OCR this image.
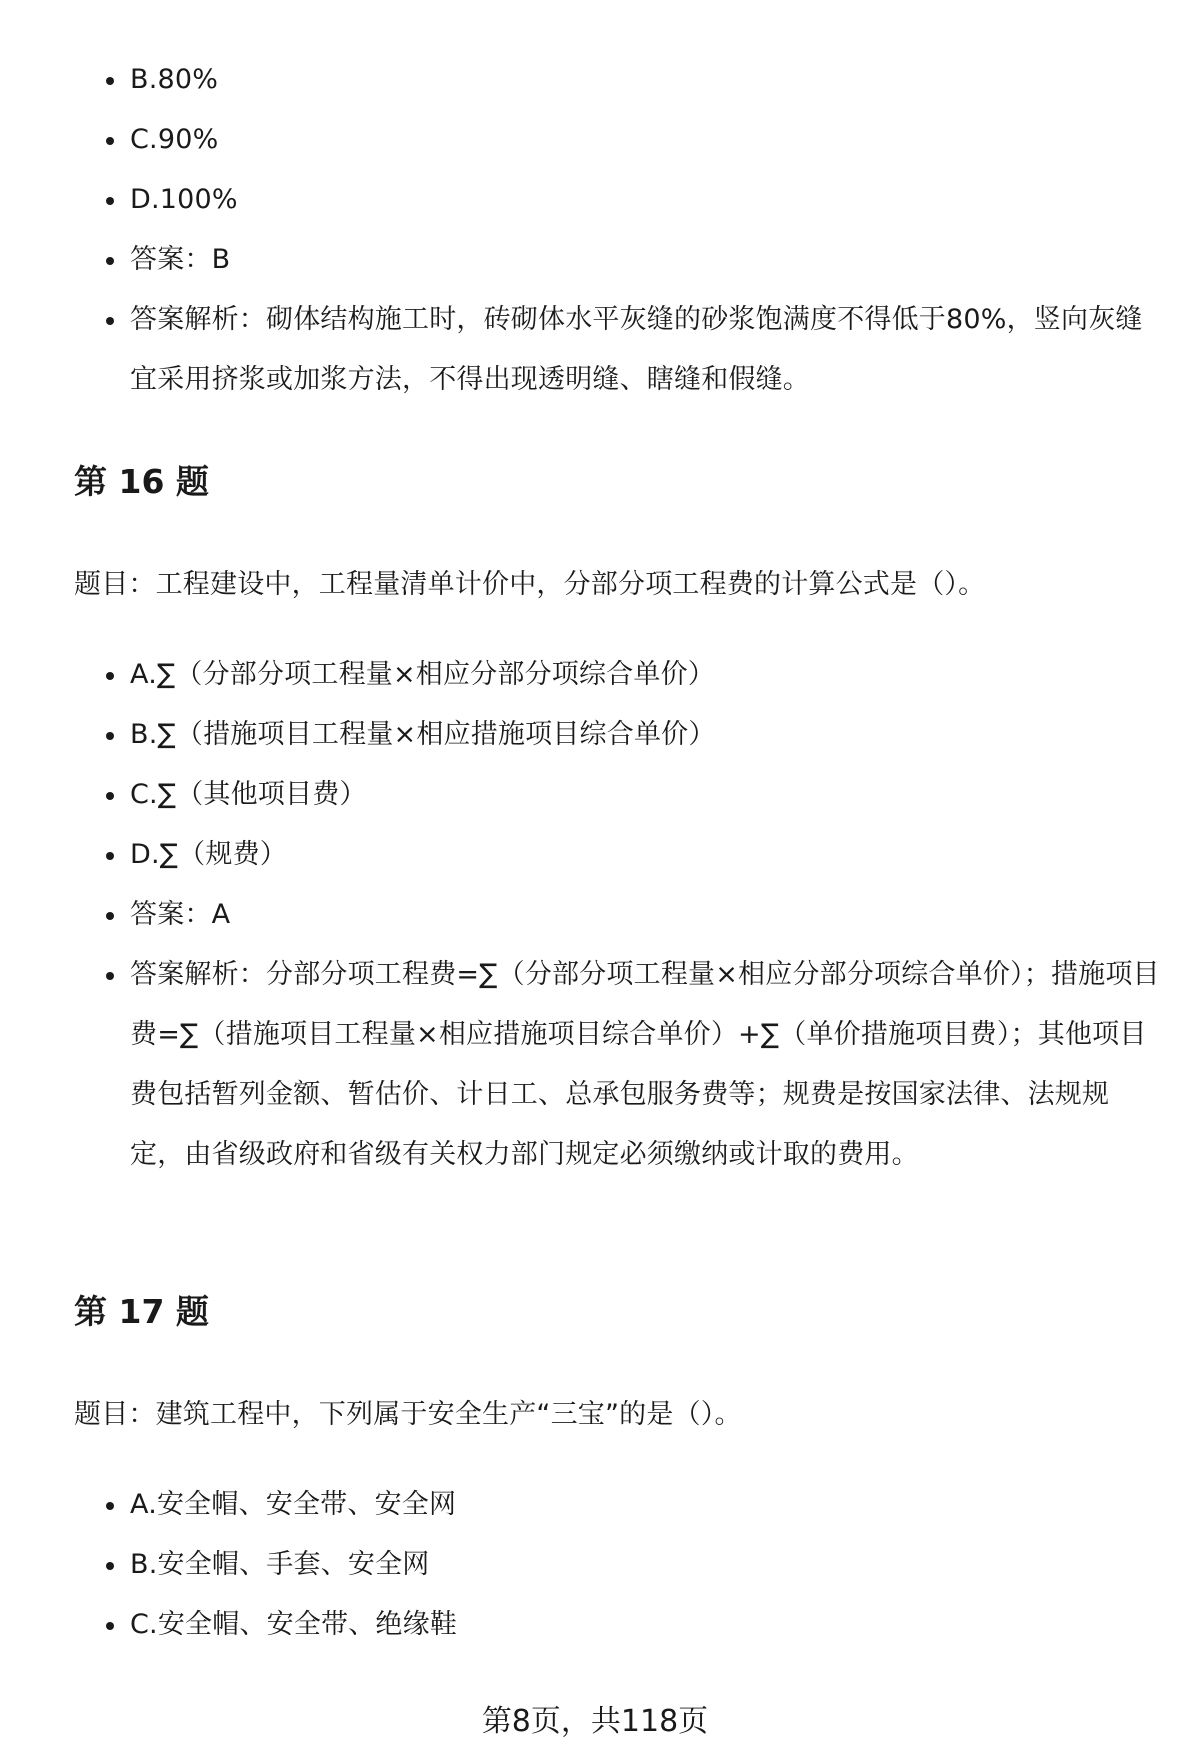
B.80%
C.90%
D.100%
答案：B
答案解析：砌体结构施工时，砖砌体水平灰缝的砂浆饱满度不得低于80%，竖向灰缝宜采用挤浆或加浆方法，不得出现透明缝、瞎缝和假缝。
第 16 题

题目：工程建设中，工程量清单计价中，分部分项工程费的计算公式是（）。

A.∑（分部分项工程量×相应分部分项综合单价）
B.∑（措施项目工程量×相应措施项目综合单价）
C.∑（其他项目费）
D.∑（规费）
答案：A
答案解析：分部分项工程费=∑（分部分项工程量×相应分部分项综合单价）；措施项目费=∑（措施项目工程量×相应措施项目综合单价）+∑（单价措施项目费）；其他项目费包括暂列金额、暂估价、计日工、总承包服务费等；规费是按国家法律、法规规定，由省级政府和省级有关权力部门规定必须缴纳或计取的费用。
第 17 题

题目：建筑工程中，下列属于安全生产“三宝”的是（）。

A.安全帽、安全带、安全网
B.安全帽、手套、安全网
C.安全帽、安全带、绝缘鞋
第8页，共118页
